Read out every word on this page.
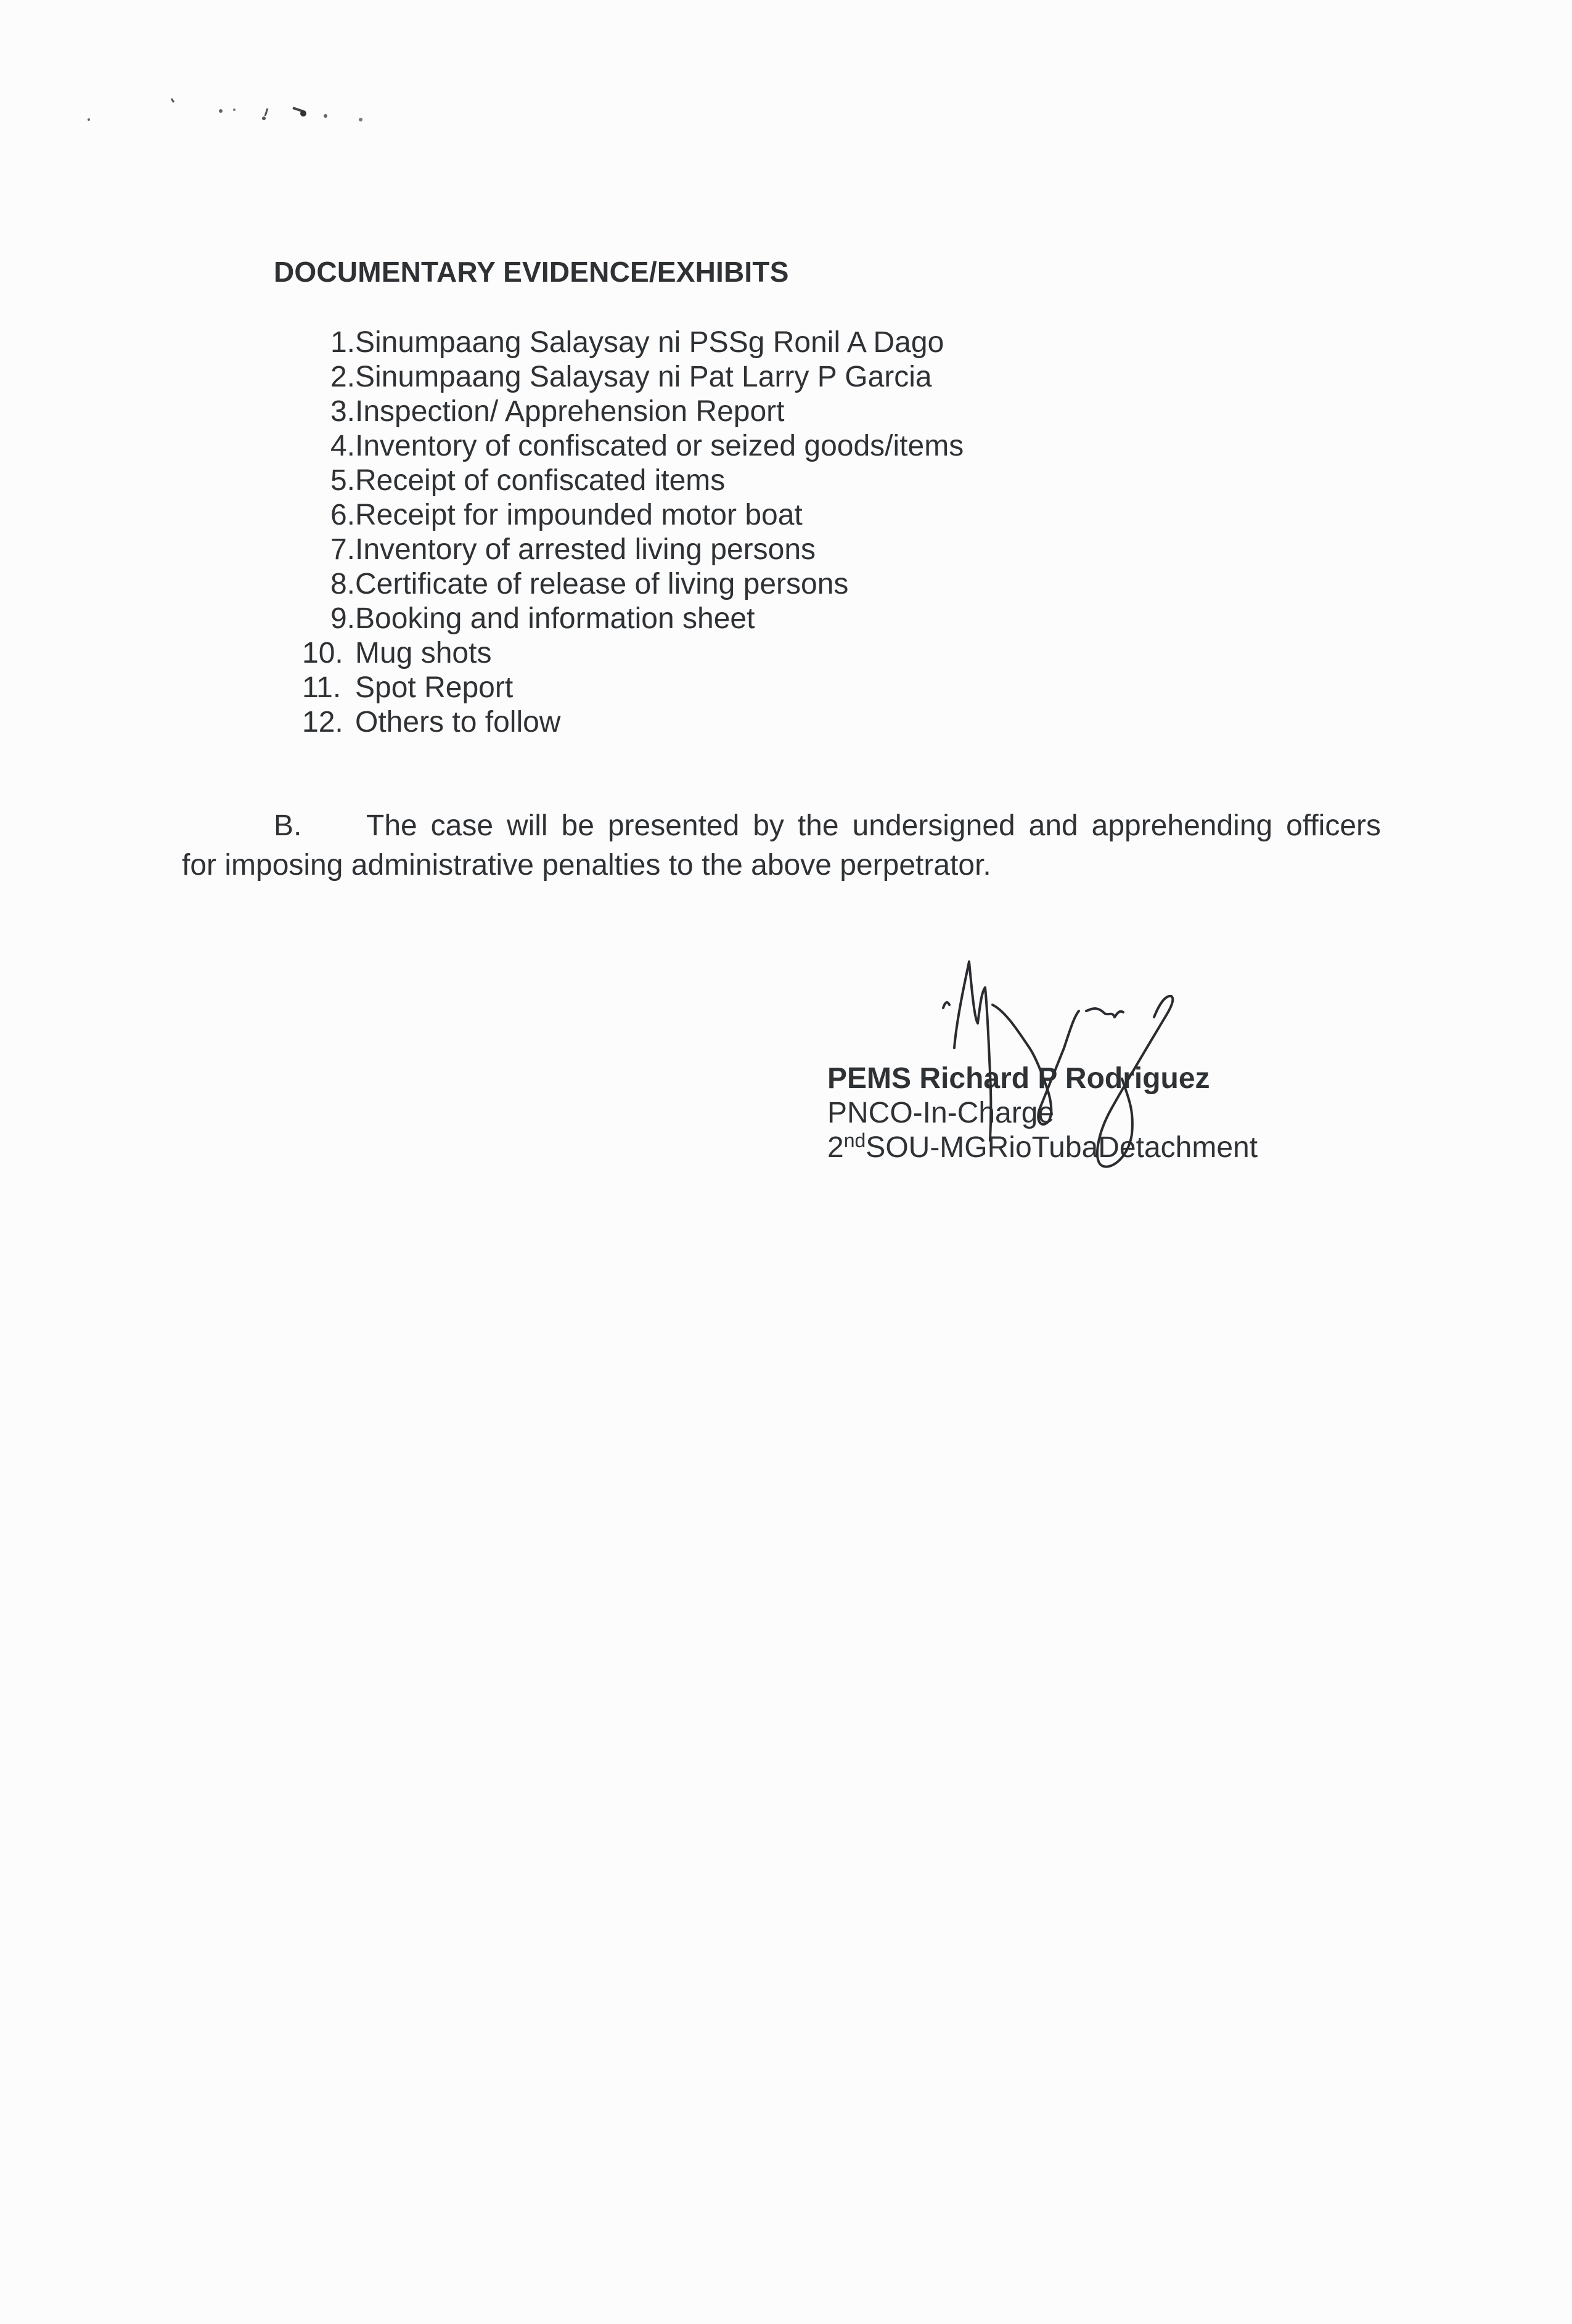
DOCUMENTARY EVIDENCE/EXHIBITS
1. Sinumpaang Salaysay ni PSSg Ronil A Dago
2. Sinumpaang Salaysay ni Pat Larry P Garcia
3. Inspection/ Apprehension Report
4. Inventory of confiscated or seized goods/items
5. Receipt of confiscated items
6. Receipt for impounded motor boat
7. Inventory of arrested living persons
8. Certificate of release of living persons
9. Booking and information sheet
10. Mug shots
11. Spot Report
12. Others to follow
B. The case will be presented by the undersigned and apprehending officers
for imposing administrative penalties to the above perpetrator.
PEMS Richard P Rodriguez
PNCO-In-Charge
2ndSOU-MGRioTubaDetachment
